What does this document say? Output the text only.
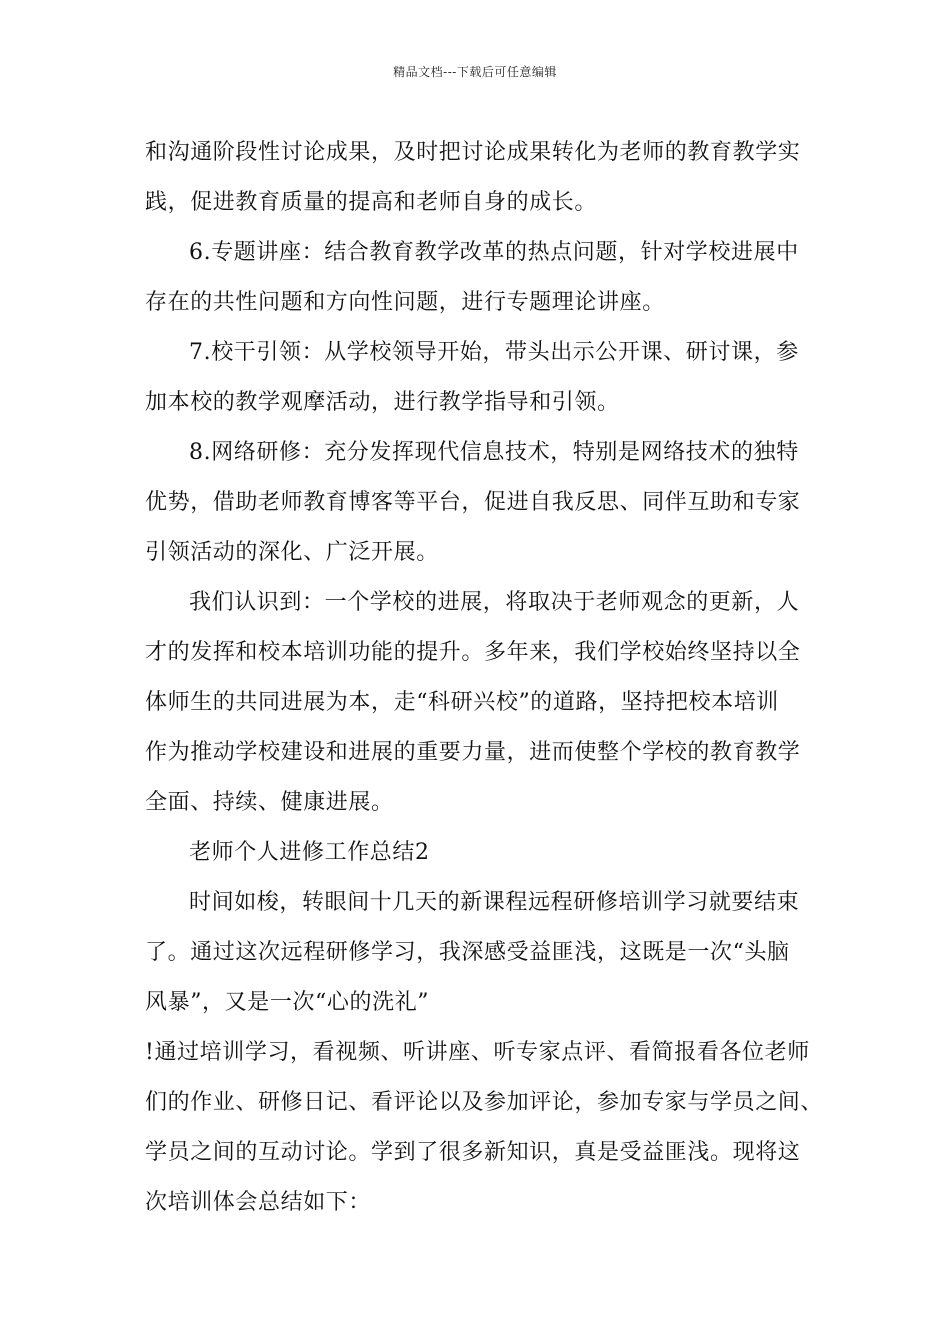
精品文档---下载后可任意编辑
和沟通阶段性讨论成果，及时把讨论成果转化为老师的教育教学实
践，促进教育质量的提高和老师自身的成长。
6.专题讲座：结合教育教学改革的热点问题，针对学校进展中
存在的共性问题和方向性问题，进行专题理论讲座。
7.校干引领：从学校领导开始，带头出示公开课、研讨课，参
加本校的教学观摩活动，进行教学指导和引领。
8.网络研修：充分发挥现代信息技术，特别是网络技术的独特
优势，借助老师教育博客等平台，促进自我反思、同伴互助和专家
引领活动的深化、广泛开展。
我们认识到：一个学校的进展，将取决于老师观念的更新，人
才的发挥和校本培训功能的提升。多年来，我们学校始终坚持以全
体师生的共同进展为本，走“科研兴校”的道路，坚持把校本培训
作为推动学校建设和进展的重要力量，进而使整个学校的教育教学
全面、持续、健康进展。
老师个人进修工作总结2
时间如梭，转眼间十几天的新课程远程研修培训学习就要结束
了。通过这次远程研修学习，我深感受益匪浅，这既是一次“头脑
风暴”，又是一次“心的洗礼”
!通过培训学习，看视频、听讲座、听专家点评、看简报看各位老师
们的作业、研修日记、看评论以及参加评论，参加专家与学员之间、
学员之间的互动讨论。学到了很多新知识，真是受益匪浅。现将这
次培训体会总结如下：
